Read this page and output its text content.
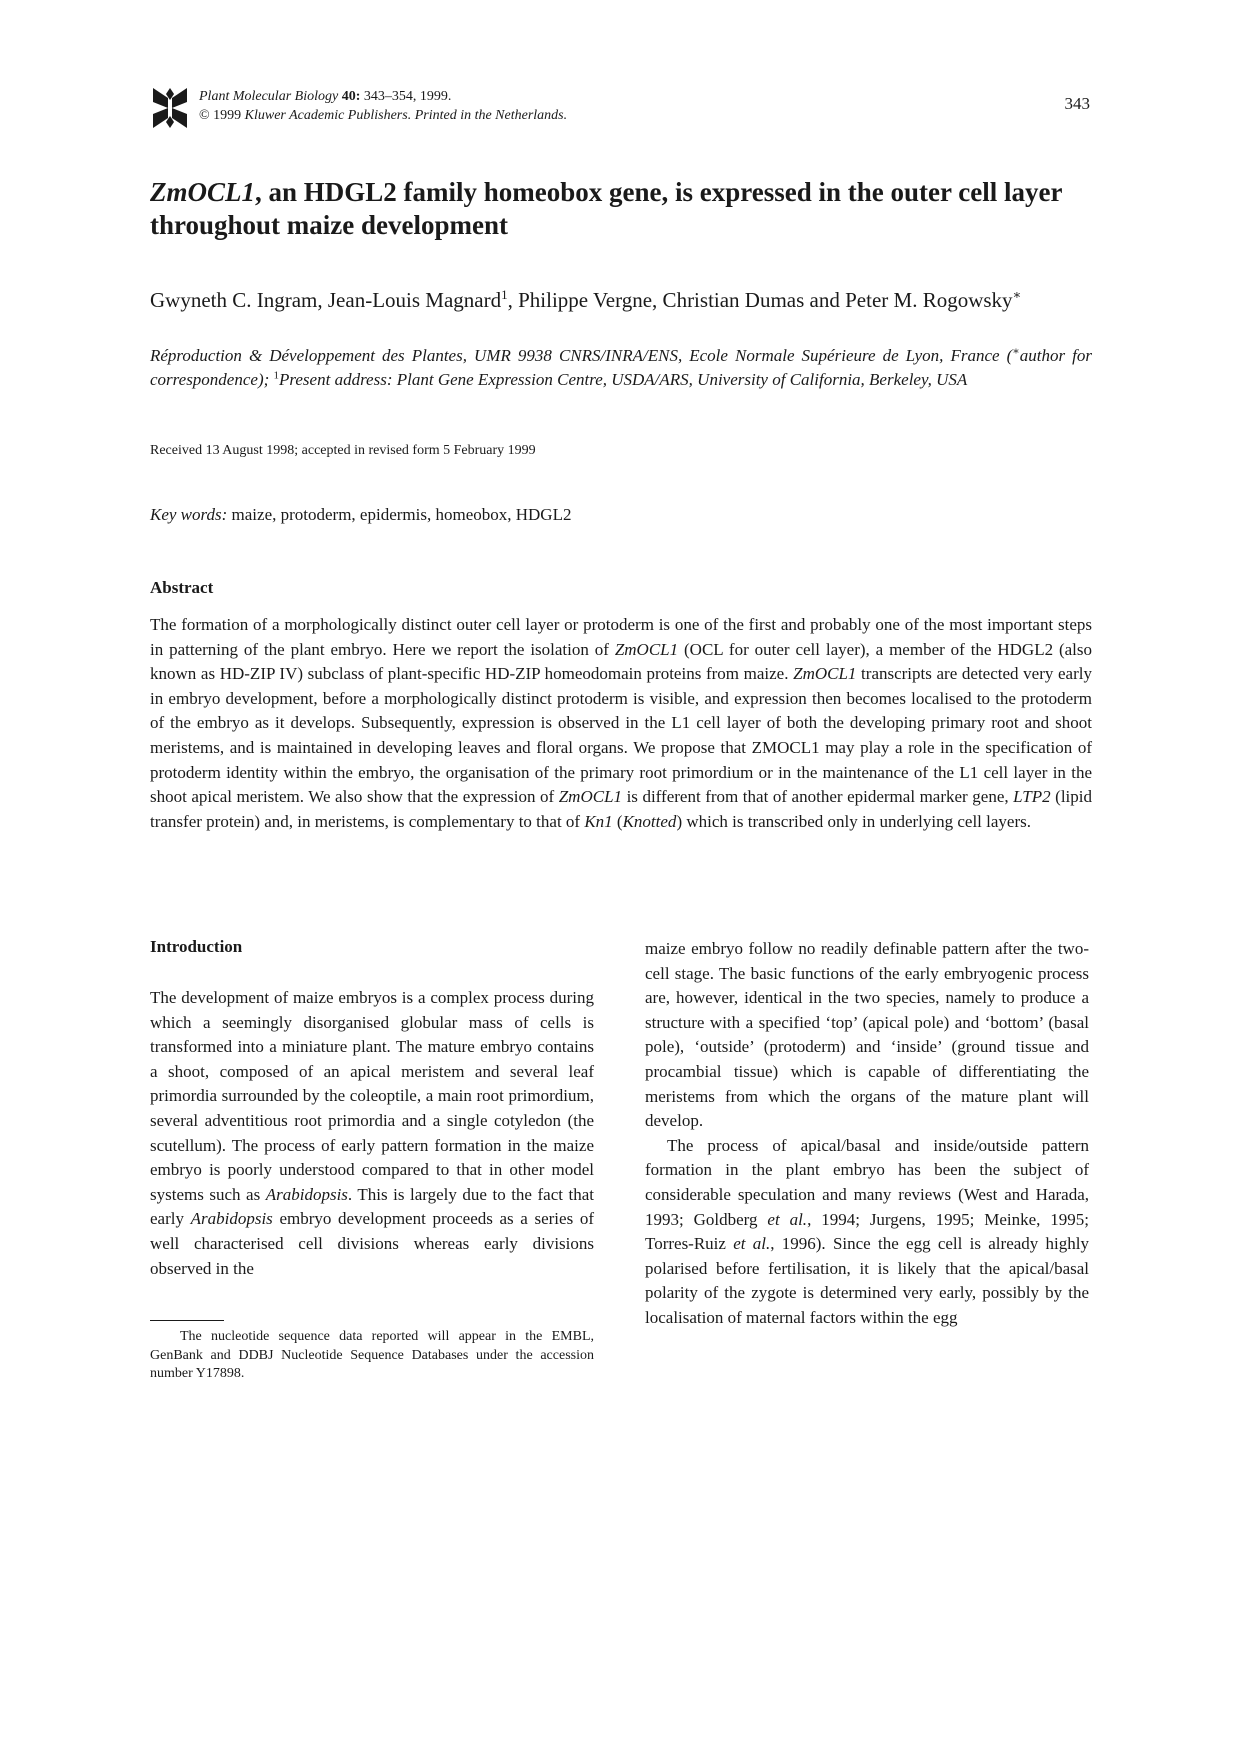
Plant Molecular Biology 40: 343–354, 1999.
© 1999 Kluwer Academic Publishers. Printed in the Netherlands.
343
ZmOCL1, an HDGL2 family homeobox gene, is expressed in the outer cell layer throughout maize development

Gwyneth C. Ingram, Jean-Louis Magnard$^1$, Philippe Vergne, Christian Dumas and Peter M. Rogowsky∗

Réproduction & Développement des Plantes, UMR 9938 CNRS/INRA/ENS, Ecole Normale Supérieure de Lyon, France (∗author for correspondence); $^1$Present address: Plant Gene Expression Centre, USDA/ARS, University of California, Berkeley, USA

Received 13 August 1998; accepted in revised form 5 February 1999

Key words: maize, protoderm, epidermis, homeobox, HDGL2

Abstract

The formation of a morphologically distinct outer cell layer or protoderm is one of the first and probably one of the most important steps in patterning of the plant embryo. Here we report the isolation of ZmOCL1 (OCL for outer cell layer), a member of the HDGL2 (also known as HD-ZIP IV) subclass of plant-specific HD-ZIP homeodomain proteins from maize. ZmOCL1 transcripts are detected very early in embryo development, before a morphologically distinct protoderm is visible, and expression then becomes localised to the protoderm of the embryo as it develops. Subsequently, expression is observed in the L1 cell layer of both the developing primary root and shoot meristems, and is maintained in developing leaves and floral organs. We propose that ZMOCL1 may play a role in the specification of protoderm identity within the embryo, the organisation of the primary root primordium or in the maintenance of the L1 cell layer in the shoot apical meristem. We also show that the expression of ZmOCL1 is different from that of another epidermal marker gene, LTP2 (lipid transfer protein) and, in meristems, is complementary to that of Kn1 (Knotted) which is transcribed only in underlying cell layers.

Introduction

The development of maize embryos is a complex process during which a seemingly disorganised globular mass of cells is transformed into a miniature plant. The mature embryo contains a shoot, composed of an apical meristem and several leaf primordia surrounded by the coleoptile, a main root primordium, several adventitious root primordia and a single cotyledon (the scutellum). The process of early pattern formation in the maize embryo is poorly understood compared to that in other model systems such as Arabidopsis. This is largely due to the fact that early Arabidopsis embryo development proceeds as a series of well characterised cell divisions whereas early divisions observed in the

The nucleotide sequence data reported will appear in the EMBL, GenBank and DDBJ Nucleotide Sequence Databases under the accession number Y17898.

maize embryo follow no readily definable pattern after the two-cell stage. The basic functions of the early embryogenic process are, however, identical in the two species, namely to produce a structure with a specified ‘top’ (apical pole) and ‘bottom’ (basal pole), ‘outside’ (protoderm) and ‘inside’ (ground tissue and procambial tissue) which is capable of differentiating the meristems from which the organs of the mature plant will develop.

The process of apical/basal and inside/outside pattern formation in the plant embryo has been the subject of considerable speculation and many reviews (West and Harada, 1993; Goldberg et al., 1994; Jurgens, 1995; Meinke, 1995; Torres-Ruiz et al., 1996). Since the egg cell is already highly polarised before fertilisation, it is likely that the apical/basal polarity of the zygote is determined very early, possibly by the localisation of maternal factors within the egg
